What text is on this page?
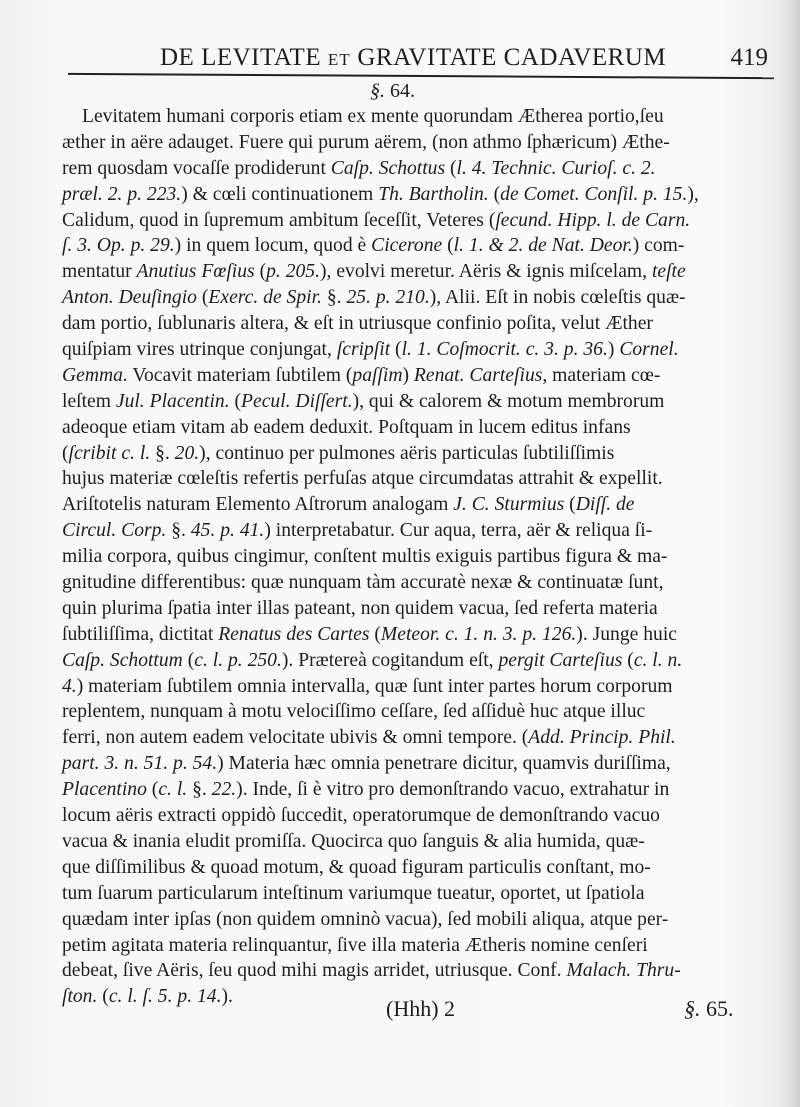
DE LEVITATE ET GRAVITATE CADAVERUM	419
§. 64.
Levitatem humani corporis etiam ex mente quorundam Ætherea portio,ſeu
æther in aëre adauget. Fuere qui purum aërem, (non athmo ſphæricum) Æthe-
rem quosdam vocaſſe prodiderunt Caſp. Schottus (l. 4. Technic. Curioſ. c. 2.
præl. 2. p. 223.) & cœli continuationem Th. Bartholin. (de Comet. Conſil. p. 15.),
Calidum, quod in ſupremum ambitum ſeceſſit, Veteres (ſecund. Hipp. l. de Carn.
ſ. 3. Op. p. 29.) in quem locum, quod è Cicerone (l. 1. & 2. de Nat. Deor.) com-
mentatur Anutius Fœſius (p. 205.), evolvi meretur. Aëris & ignis miſcelam, teſte
Anton. Deuſingio (Exerc. de Spir. §. 25. p. 210.), Alii. Eſt in nobis cœleſtis quæ-
dam portio, ſublunaris altera, & eſt in utriusque confinio poſita, velut Æther
quiſpiam vires utrinque conjungat, ſcripſit (l. 1. Coſmocrit. c. 3. p. 36.) Cornel.
Gemma. Vocavit materiam ſubtilem (paſſim) Renat. Carteſius, materiam cœ-
leſtem Jul. Placentin. (Pecul. Diſſert.), qui & calorem & motum membrorum
adeoque etiam vitam ab eadem deduxit. Poſtquam in lucem editus infans
(ſcribit c. l. §. 20.), continuo per pulmones aëris particulas ſubtiliſſimis
hujus materiæ cœleſtis refertis perfuſas atque circumdatas attrahit & expellit.
Ariſtotelis naturam Elemento Aſtrorum analogam J. C. Sturmius (Diſſ. de
Circul. Corp. §. 45. p. 41.) interpretabatur. Cur aqua, terra, aër & reliqua ſi-
milia corpora, quibus cingimur, conſtent multis exiguis partibus figura & ma-
gnitudine differentibus: quæ nunquam tàm accuratè nexæ & continuatæ ſunt,
quin plurima ſpatia inter illas pateant, non quidem vacua, ſed referta materia
ſubtiliſſima, dictitat Renatus des Cartes (Meteor. c. 1. n. 3. p. 126.). Junge huic
Caſp. Schottum (c. l. p. 250.). Prætereà cogitandum eſt, pergit Carteſius (c. l. n.
4.) materiam ſubtilem omnia intervalla, quæ ſunt inter partes horum corporum
replentem, nunquam à motu velociſſimo ceſſare, ſed aſſiduè huc atque illuc
ferri, non autem eadem velocitate ubivis & omni tempore. (Add. Princip. Phil.
part. 3. n. 51. p. 54.) Materia hæc omnia penetrare dicitur, quamvis duriſſima,
Placentino (c. l. §. 22.). Inde, ſi è vitro pro demonſtrando vacuo, extrahatur in
locum aëris extracti oppidò ſuccedit, operatorumque de demonſtrando vacuo
vacua & inania eludit promiſſa. Quocirca quo ſanguis & alia humida, quæ-
que diſſimilibus & quoad motum, & quoad figuram particulis conſtant, mo-
tum ſuarum particularum inteſtinum variumque tueatur, oportet, ut ſpatiola
quædam inter ipſas (non quidem omninò vacua), ſed mobili aliqua, atque per-
petim agitata materia relinquantur, ſive illa materia Ætheris nomine cenſeri
debeat, ſive Aëris, ſeu quod mihi magis arridet, utriusque. Conf. Malach. Thru-
ſton. (c. l. ſ. 5. p. 14.).	(Hhh) 2	§. 65.
